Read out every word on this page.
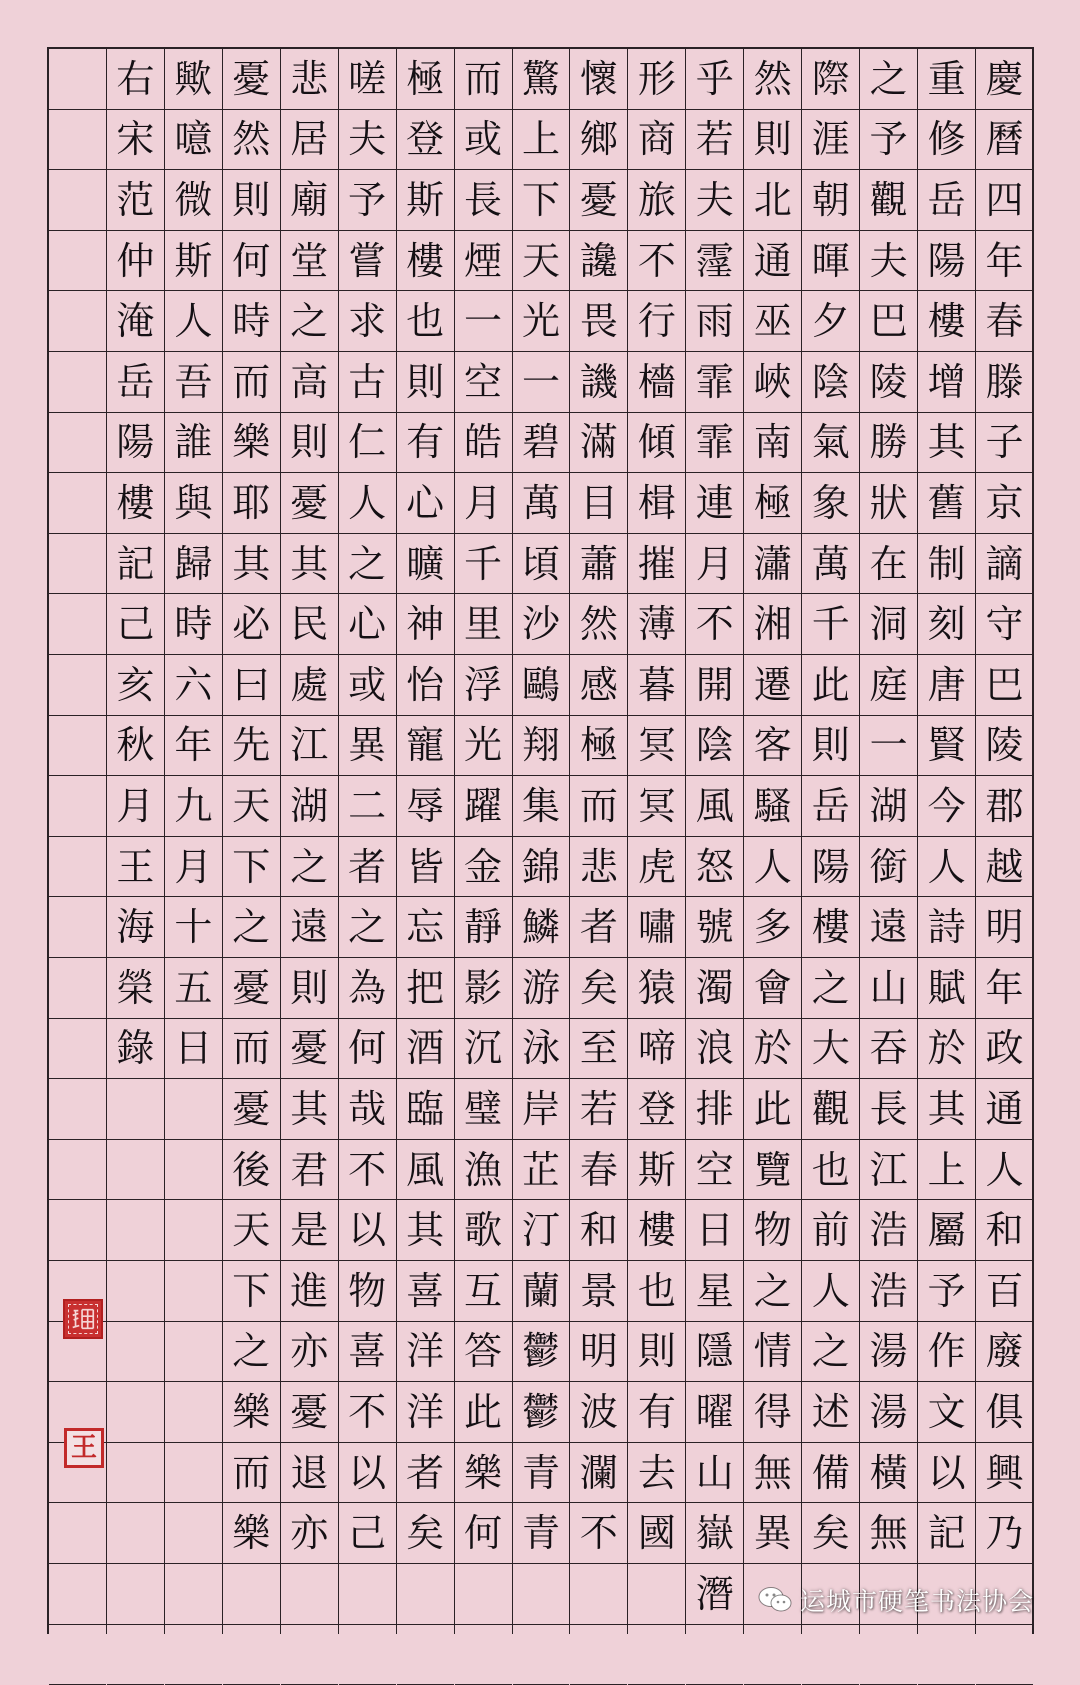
慶
曆
四
年
春
滕
子
京
謫
守
巴
陵
郡
越
明
年
政
通
人
和
百
廢
俱
興
乃
重
修
岳
陽
樓
增
其
舊
制
刻
唐
賢
今
人
詩
賦
於
其
上
屬
予
作
文
以
記
之
予
觀
夫
巴
陵
勝
狀
在
洞
庭
一
湖
銜
遠
山
吞
長
江
浩
浩
湯
湯
橫
無
際
涯
朝
暉
夕
陰
氣
象
萬
千
此
則
岳
陽
樓
之
大
觀
也
前
人
之
述
備
矣
然
則
北
通
巫
峽
南
極
瀟
湘
遷
客
騷
人
多
會
於
此
覽
物
之
情
得
無
異
乎
若
夫
霪
雨
霏
霏
連
月
不
開
陰
風
怒
號
濁
浪
排
空
日
星
隱
曜
山
嶽
潛
形
商
旅
不
行
檣
傾
楫
摧
薄
暮
冥
冥
虎
嘯
猿
啼
登
斯
樓
也
則
有
去
國
懷
鄉
憂
讒
畏
譏
滿
目
蕭
然
感
極
而
悲
者
矣
至
若
春
和
景
明
波
瀾
不
驚
上
下
天
光
一
碧
萬
頃
沙
鷗
翔
集
錦
鱗
游
泳
岸
芷
汀
蘭
鬱
鬱
青
青
而
或
長
煙
一
空
皓
月
千
里
浮
光
躍
金
靜
影
沉
璧
漁
歌
互
答
此
樂
何
極
登
斯
樓
也
則
有
心
曠
神
怡
寵
辱
皆
忘
把
酒
臨
風
其
喜
洋
洋
者
矣
嗟
夫
予
嘗
求
古
仁
人
之
心
或
異
二
者
之
為
何
哉
不
以
物
喜
不
以
己
悲
居
廟
堂
之
高
則
憂
其
民
處
江
湖
之
遠
則
憂
其
君
是
進
亦
憂
退
亦
憂
然
則
何
時
而
樂
耶
其
必
曰
先
天
下
之
憂
而
憂
後
天
下
之
樂
而
樂
歟
噫
微
斯
人
吾
誰
與
歸
時
六
年
九
月
十
五
日
右
宋
范
仲
淹
岳
陽
樓
記
己
亥
秋
月
王
海
榮
錄
王
运城市硬笔书法协会
